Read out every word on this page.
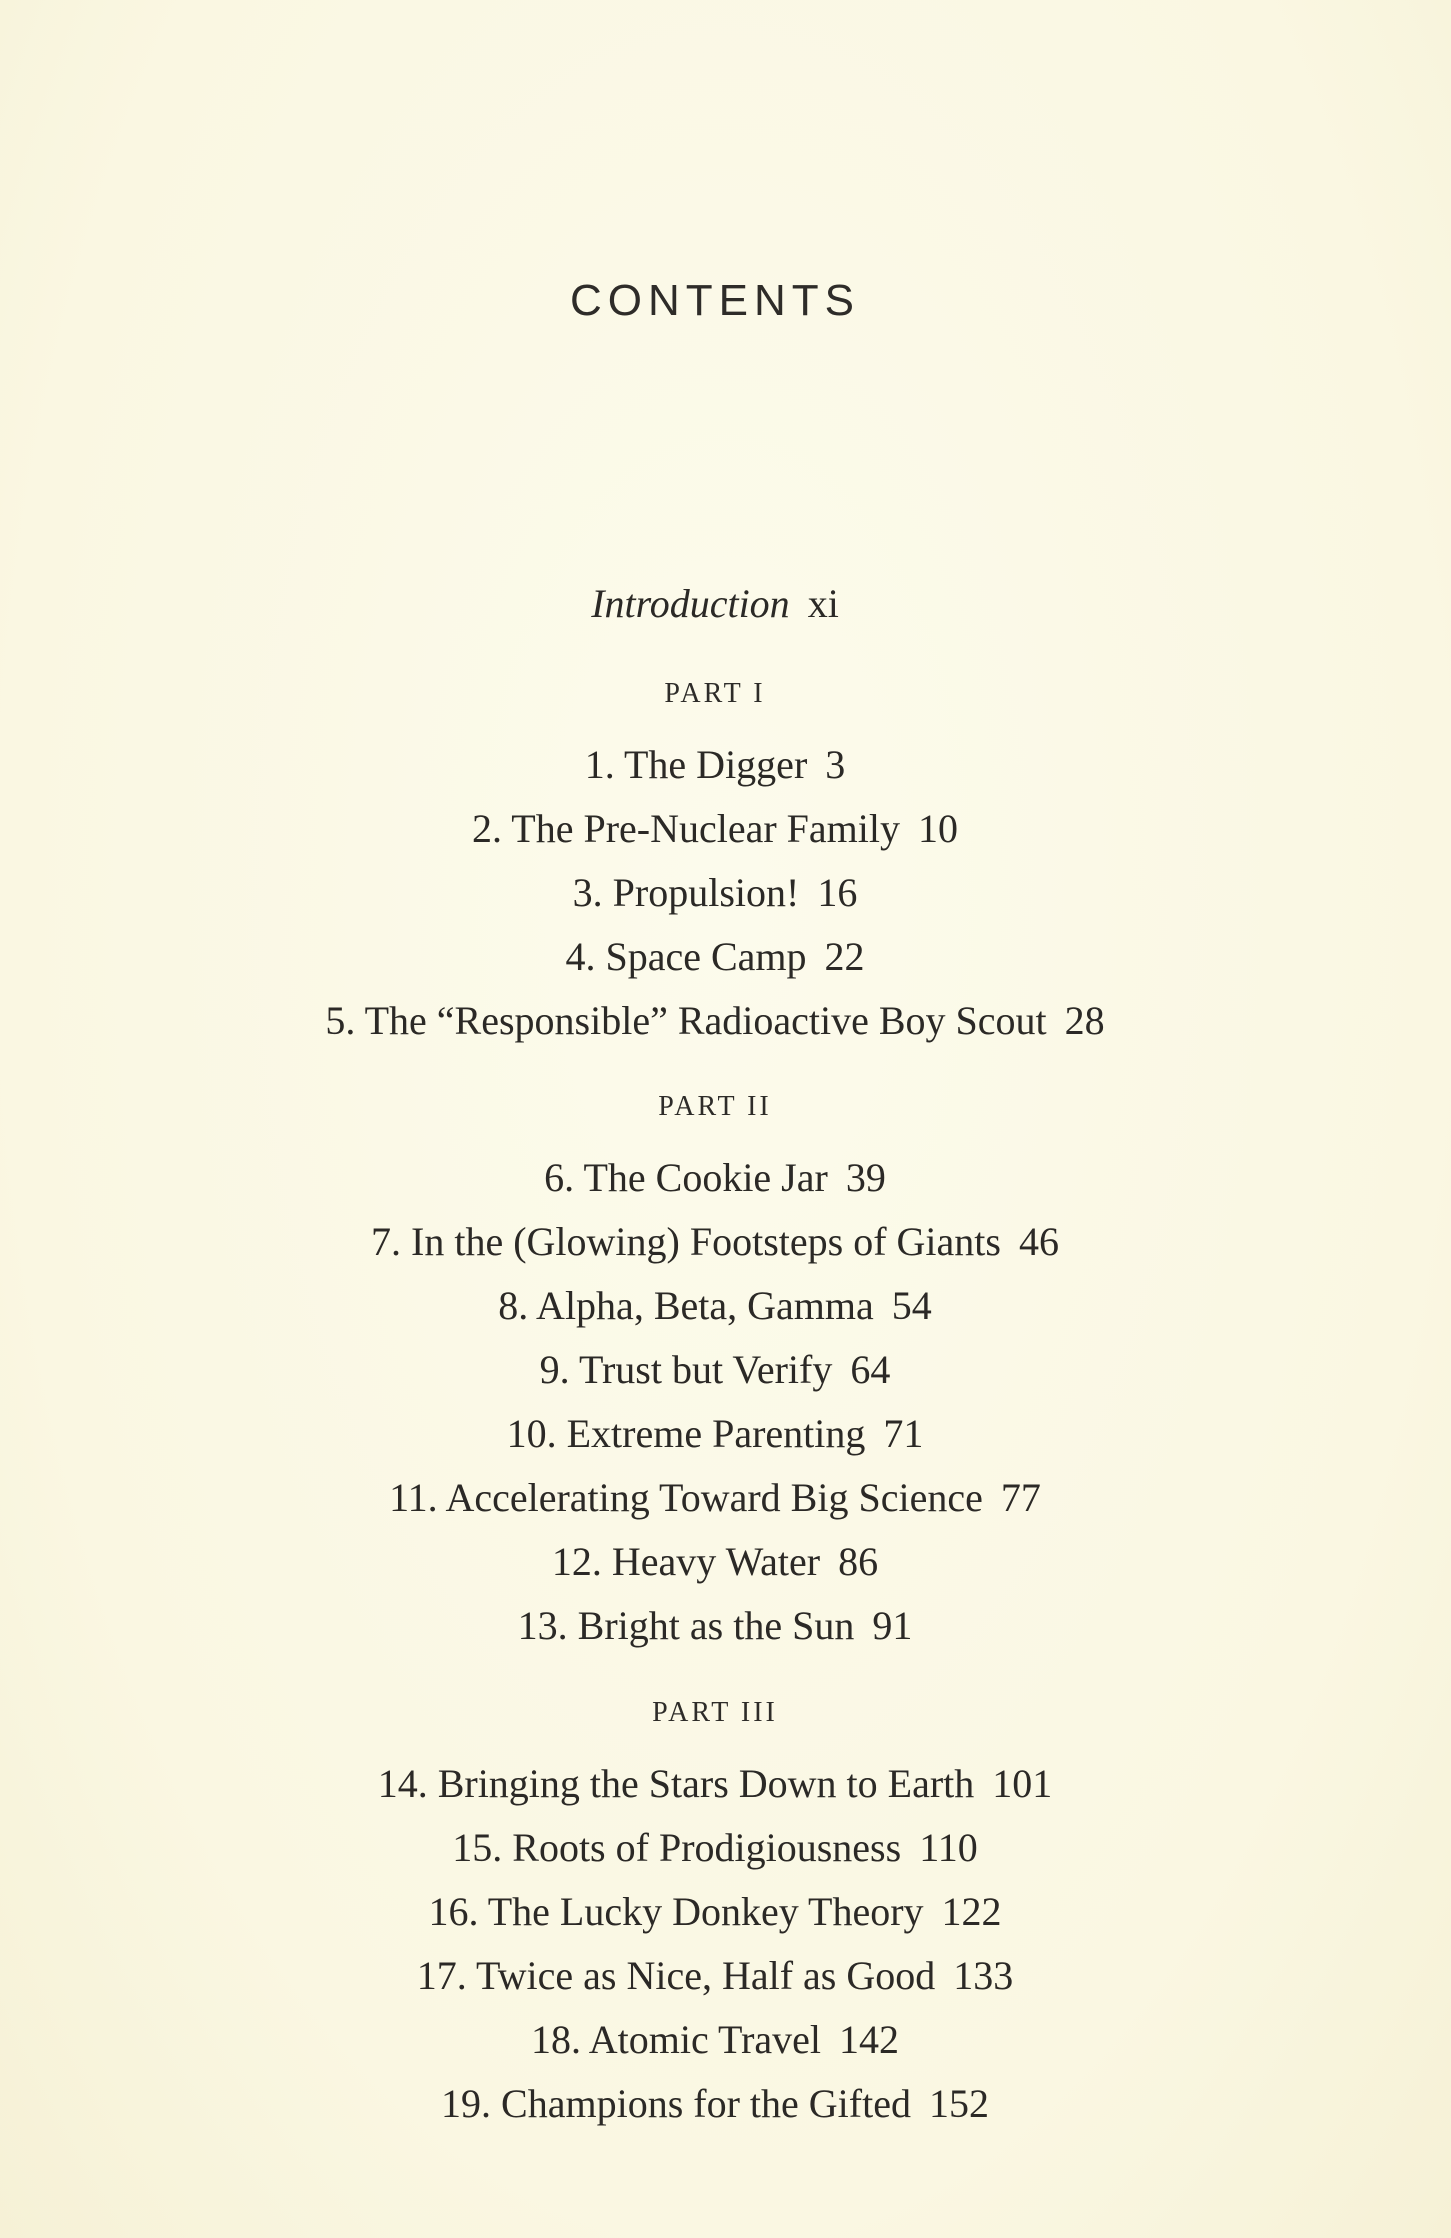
CONTENTS
Introduction xi
PART I
1. The Digger 3
2. The Pre-Nuclear Family 10
3. Propulsion! 16
4. Space Camp 22
5. The “Responsible” Radioactive Boy Scout 28
PART II
6. The Cookie Jar 39
7. In the (Glowing) Footsteps of Giants 46
8. Alpha, Beta, Gamma 54
9. Trust but Verify 64
10. Extreme Parenting 71
11. Accelerating Toward Big Science 77
12. Heavy Water 86
13. Bright as the Sun 91
PART III
14. Bringing the Stars Down to Earth 101
15. Roots of Prodigiousness 110
16. The Lucky Donkey Theory 122
17. Twice as Nice, Half as Good 133
18. Atomic Travel 142
19. Champions for the Gifted 152
